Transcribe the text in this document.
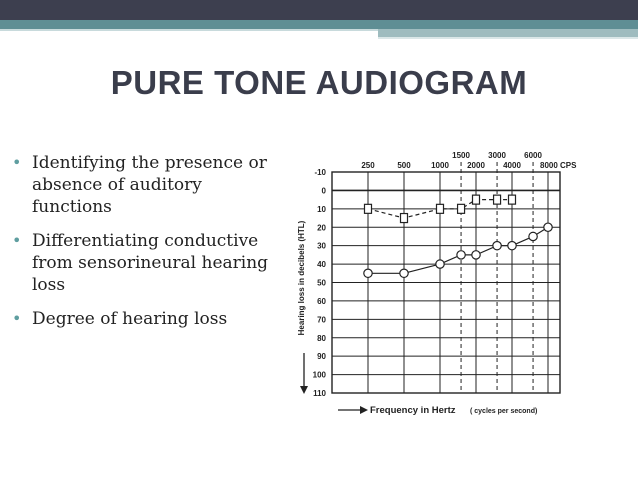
PURE TONE AUDIOGRAM
• Identifying the presence or absence of auditory functions
• Differentiating conductive from sensorineural hearing loss
• Degree of hearing loss
-10
0
10
20
30
40
50
60
70
80
90
100
110
250	500	1000 2000 4000 8000 CPS
1500 3000 6000
Hearing loss in decibels (HTL)
Frequency in Hertz ( cycles per second)
